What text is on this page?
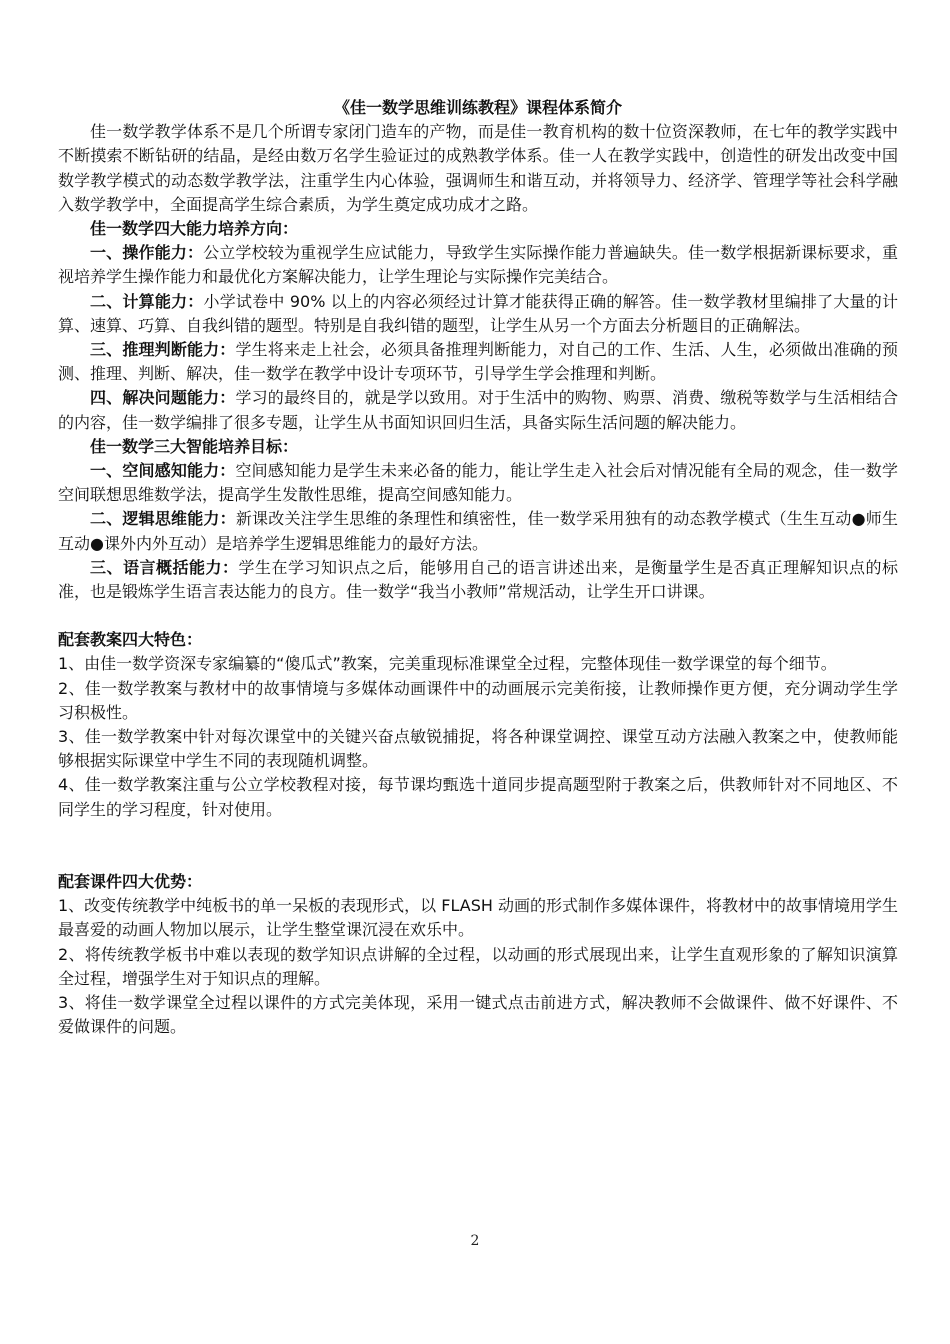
《佳一数学思维训练教程》课程体系简介

佳一数学教学体系不是几个所谓专家闭门造车的产物，而是佳一教育机构的数十位资深教师，在七年的教学实践中不断摸索不断钻研的结晶，是经由数万名学生验证过的成熟教学体系。佳一人在教学实践中，创造性的研发出改变中国数学教学模式的动态数学教学法，注重学生内心体验，强调师生和谐互动，并将领导力、经济学、管理学等社会科学融入数学教学中，全面提高学生综合素质，为学生奠定成功成才之路。

佳一数学四大能力培养方向：

一、操作能力：公立学校较为重视学生应试能力，导致学生实际操作能力普遍缺失。佳一数学根据新课标要求，重视培养学生操作能力和最优化方案解决能力，让学生理论与实际操作完美结合。

二、计算能力：小学试卷中 90% 以上的内容必须经过计算才能获得正确的解答。佳一数学教材里编排了大量的计算、速算、巧算、自我纠错的题型。特别是自我纠错的题型，让学生从另一个方面去分析题目的正确解法。

三、推理判断能力：学生将来走上社会，必须具备推理判断能力，对自己的工作、生活、人生，必须做出准确的预测、推理、判断、解决，佳一数学在教学中设计专项环节，引导学生学会推理和判断。

四、解决问题能力：学习的最终目的，就是学以致用。对于生活中的购物、购票、消费、缴税等数学与生活相结合的内容，佳一数学编排了很多专题，让学生从书面知识回归生活，具备实际生活问题的解决能力。

佳一数学三大智能培养目标：

一、空间感知能力：空间感知能力是学生未来必备的能力，能让学生走入社会后对情况能有全局的观念，佳一数学空间联想思维数学法，提高学生发散性思维，提高空间感知能力。

二、逻辑思维能力：新课改关注学生思维的条理性和缜密性，佳一数学采用独有的动态教学模式（生生互动●师生互动●课外内外互动）是培养学生逻辑思维能力的最好方法。

三、语言概括能力：学生在学习知识点之后，能够用自己的语言讲述出来，是衡量学生是否真正理解知识点的标准，也是锻炼学生语言表达能力的良方。佳一数学“我当小教师”常规活动，让学生开口讲课。

配套教案四大特色：

1、由佳一数学资深专家编纂的“傻瓜式”教案，完美重现标准课堂全过程，完整体现佳一数学课堂的每个细节。

2、佳一数学教案与教材中的故事情境与多媒体动画课件中的动画展示完美衔接，让教师操作更方便，充分调动学生学习积极性。

3、佳一数学教案中针对每次课堂中的关键兴奋点敏锐捕捉，将各种课堂调控、课堂互动方法融入教案之中，使教师能够根据实际课堂中学生不同的表现随机调整。

4、佳一数学教案注重与公立学校教程对接，每节课均甄选十道同步提高题型附于教案之后，供教师针对不同地区、不同学生的学习程度，针对使用。

配套课件四大优势：

1、改变传统教学中纯板书的单一呆板的表现形式，以 FLASH 动画的形式制作多媒体课件，将教材中的故事情境用学生最喜爱的动画人物加以展示，让学生整堂课沉浸在欢乐中。

2、将传统教学板书中难以表现的数学知识点讲解的全过程，以动画的形式展现出来，让学生直观形象的了解知识演算全过程，增强学生对于知识点的理解。

3、将佳一数学课堂全过程以课件的方式完美体现，采用一键式点击前进方式，解决教师不会做课件、做不好课件、不爱做课件的问题。

2
